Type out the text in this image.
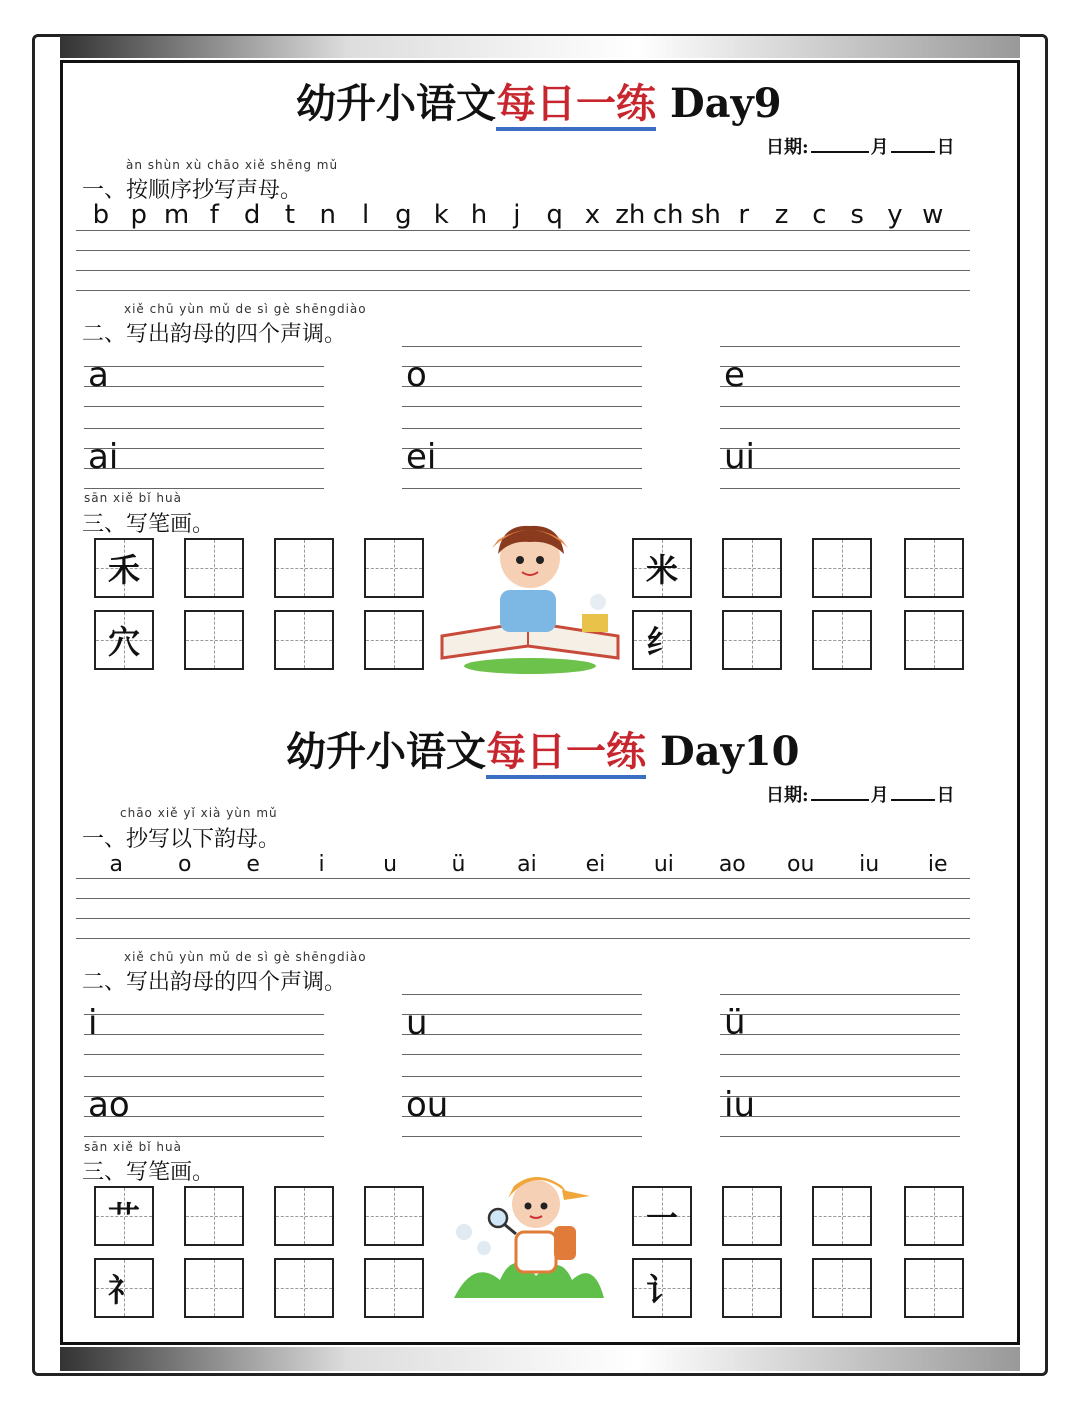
幼升小语文每日一练 Day9
日期:	月	日
àn shùn xù chāo xiě shēng mǔ
一、按顺序抄写声母。
b p m f d t n l g k h j q x zh ch sh r z c s y w
xiě chū yùn mǔ de sì gè shēngdiào
二、写出韵母的四个声调。
a	o	e
ai	ei	ui
sān xiě bǐ huà
三、写笔画。
禾	米
穴	纟
幼升小语文每日一练 Day10
日期:	月	日
chāo xiě yǐ xià yùn mǔ
一、抄写以下韵母。
a	o	e	i	u	ü	ai	ei	ui	ao	ou	iu	ie
xiě chū yùn mǔ de sì gè shēngdiào
二、写出韵母的四个声调。
i	u	ü
ao	ou	iu
sān xiě bǐ huà
三、写笔画。
艹	一
礻	讠
